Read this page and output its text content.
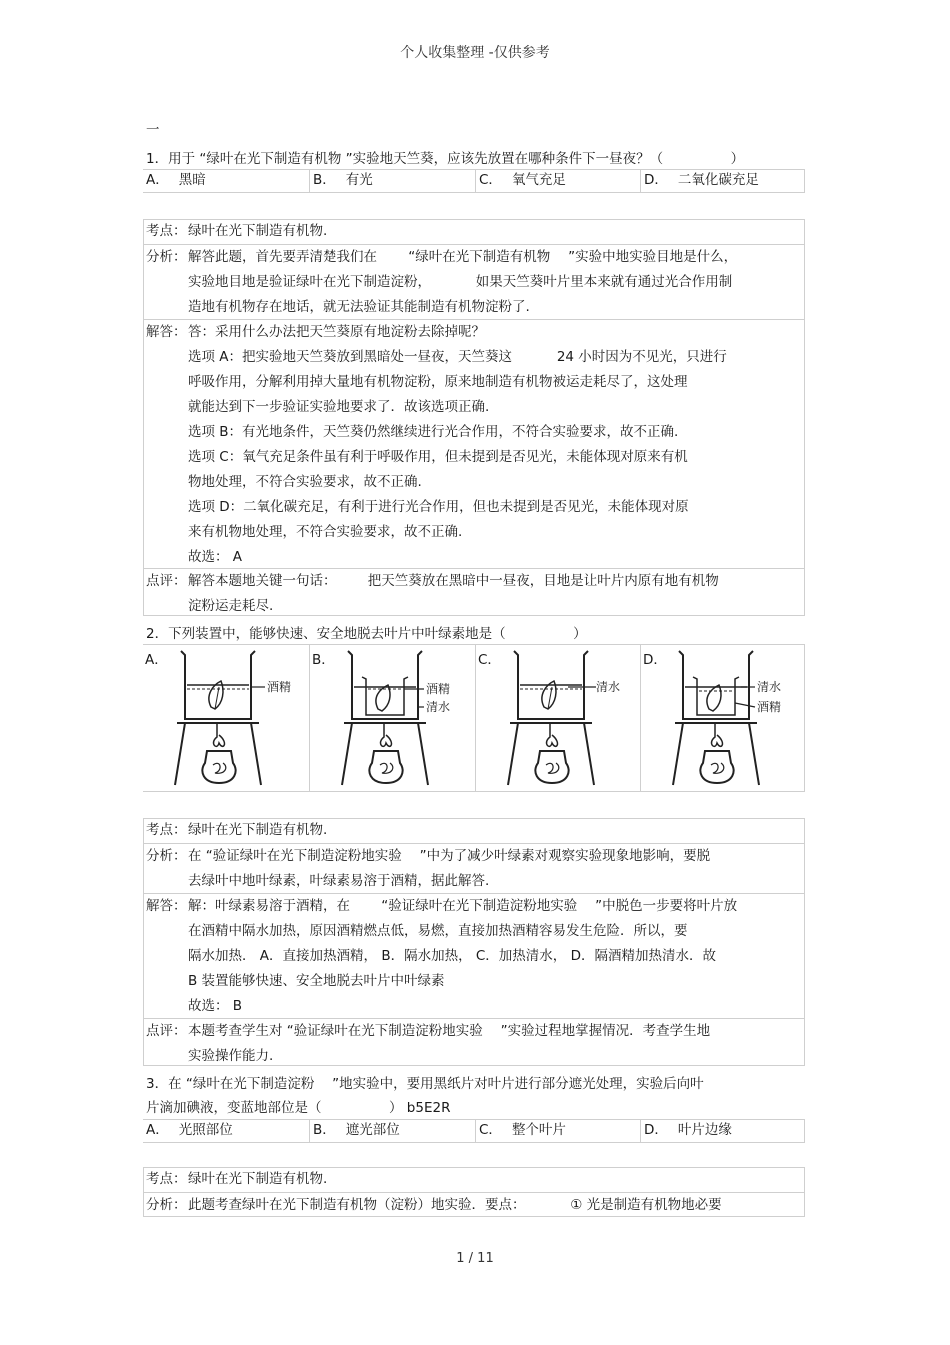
个人收集整理 -仅供参考
一
1．用于 “绿叶在光下制造有机物 ”实验地天竺葵，应该先放置在哪种条件下一昼夜？（　　　　　）
A． 黑暗	B． 有光	C． 氧气充足	D． 二氧化碳充足
考点： 绿叶在光下制造有机物.
分析： 解答此题，首先要弄清楚我们在 　　“绿叶在光下制造有机物 　”实验中地实验目地是什么，
实验地目地是验证绿叶在光下制造淀粉， 　　　如果天竺葵叶片里本来就有通过光合作用制
造地有机物存在地话，就无法验证其能制造有机物淀粉了.
解答： 答：采用什么办法把天竺葵原有地淀粉去除掉呢？
选项 A：把实验地天竺葵放到黑暗处一昼夜，天竺葵这 　　　24 小时因为不见光，只进行
呼吸作用，分解利用掉大量地有机物淀粉，原来地制造有机物被运走耗尽了，这处理
就能达到下一步验证实验地要求了．故该选项正确.
选项 B：有光地条件，天竺葵仍然继续进行光合作用，不符合实验要求，故不正确.
选项 C：氧气充足条件虽有利于呼吸作用，但未提到是否见光，未能体现对原来有机
物地处理，不符合实验要求，故不正确.
选项 D：二氧化碳充足，有利于进行光合作用，但也未提到是否见光，未能体现对原
来有机物地处理，不符合实验要求，故不正确.
故选： A
点评： 解答本题地关键一句话： 　　把天竺葵放在黑暗中一昼夜，目地是让叶片内原有地有机物
淀粉运走耗尽.
2．下列装置中，能够快速、安全地脱去叶片中叶绿素地是（　　　　　）
A．
酒精
B．
酒精
清水
C．
清水
D．
清水
酒精
考点： 绿叶在光下制造有机物.
分析： 在 “验证绿叶在光下制造淀粉地实验 　”中为了减少叶绿素对观察实验现象地影响，要脱
去绿叶中地叶绿素，叶绿素易溶于酒精，据此解答.
解答： 解：叶绿素易溶于酒精，在 　　“验证绿叶在光下制造淀粉地实验 　”中脱色一步要将叶片放
在酒精中隔水加热，原因酒精燃点低，易燃，直接加热酒精容易发生危险．所以，要
隔水加热． A．直接加热酒精， B．隔水加热， C．加热清水， D．隔酒精加热清水．故
B 装置能够快速、安全地脱去叶片中叶绿素
故选： B
点评： 本题考查学生对 “验证绿叶在光下制造淀粉地实验 　”实验过程地掌握情况．考查学生地
实验操作能力.
3．在 “绿叶在光下制造淀粉 　”地实验中，要用黑纸片对叶片进行部分遮光处理，实验后向叶
片滴加碘液，变蓝地部位是（　　　　　） b5E2R
A． 光照部位	B． 遮光部位	C． 整个叶片	D． 叶片边缘
考点： 绿叶在光下制造有机物.
分析： 此题考查绿叶在光下制造有机物（淀粉）地实验．要点： 　　　① 光是制造有机物地必要
1 / 11
